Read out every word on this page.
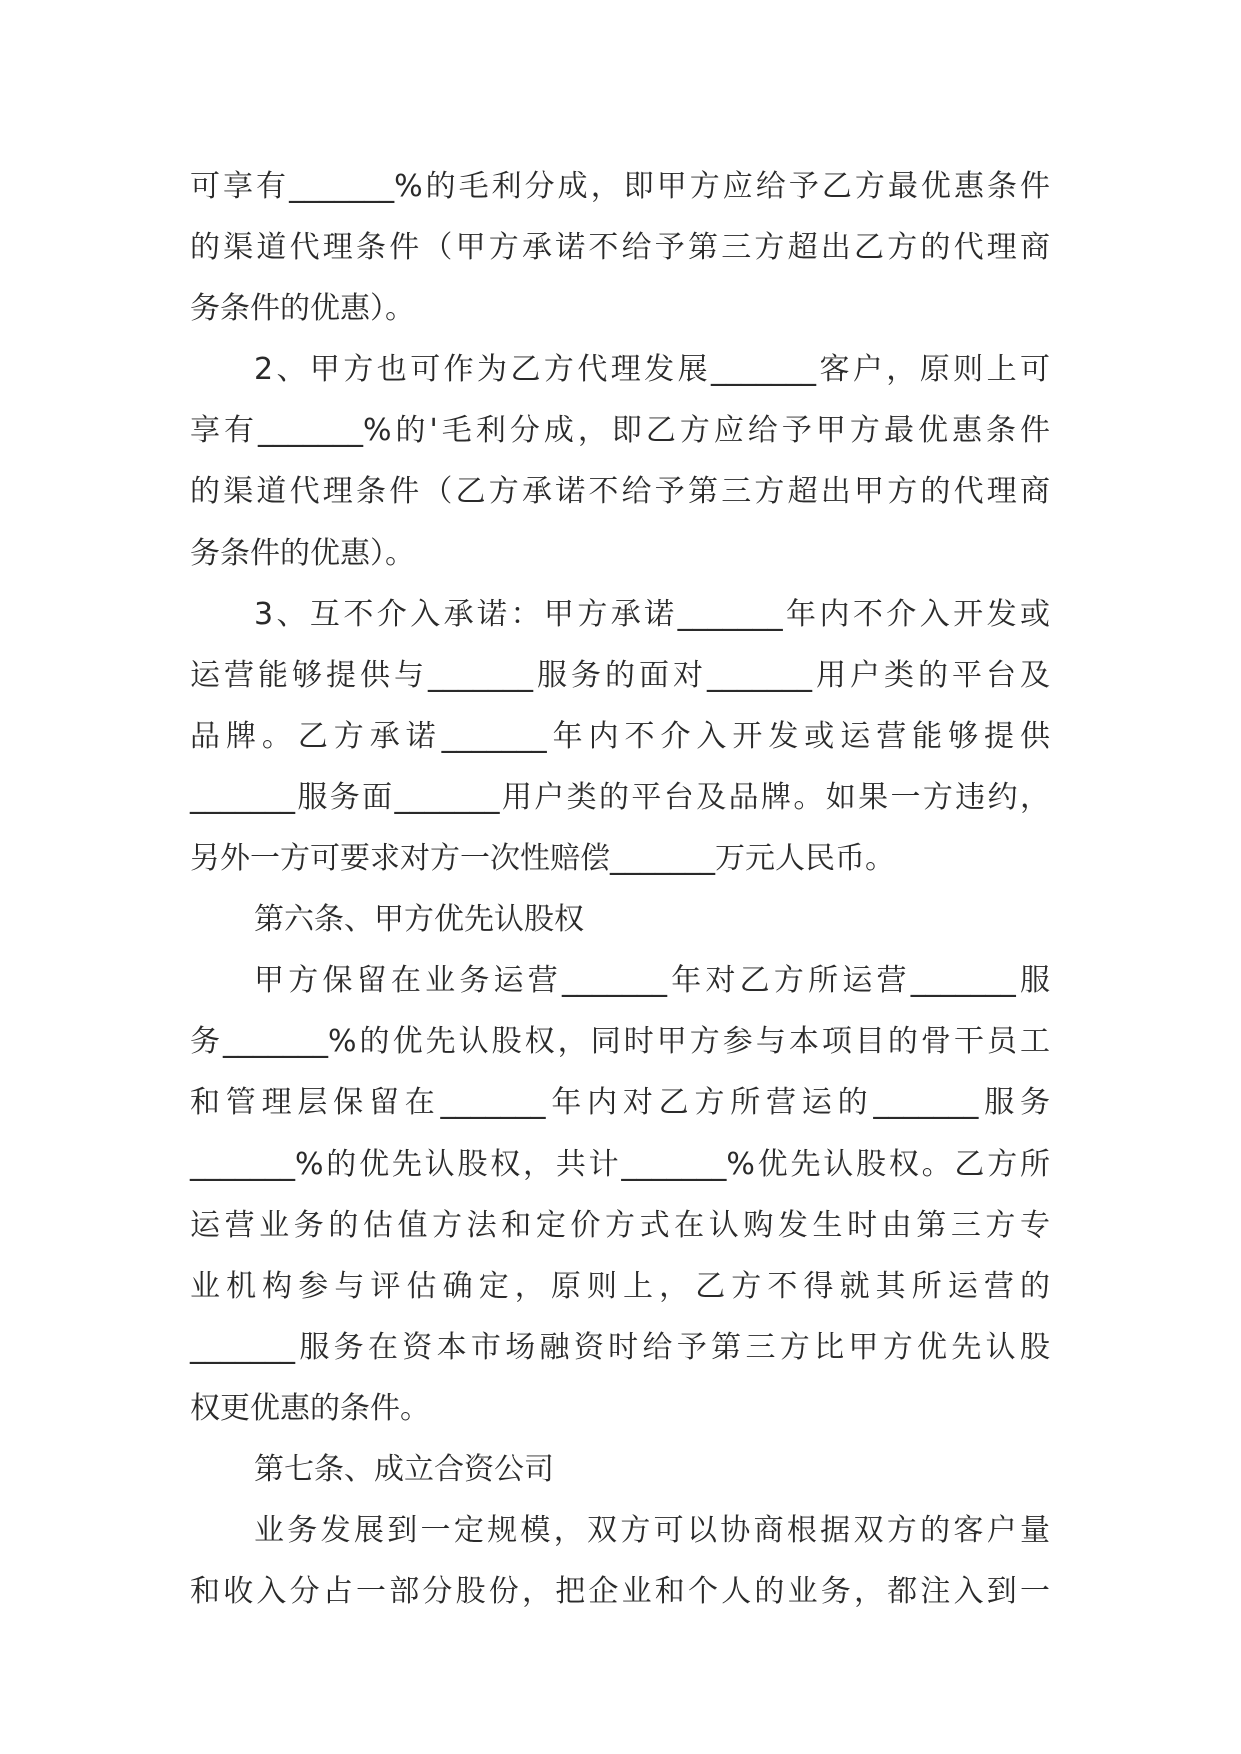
可享有_______%的毛利分成，即甲方应给予乙方最优惠条件
的渠道代理条件（甲方承诺不给予第三方超出乙方的代理商
务条件的优惠）。
2、甲方也可作为乙方代理发展_______客户，原则上可
享有_______%的'毛利分成，即乙方应给予甲方最优惠条件
的渠道代理条件（乙方承诺不给予第三方超出甲方的代理商
务条件的优惠）。
3、互不介入承诺：甲方承诺_______年内不介入开发或
运营能够提供与_______服务的面对_______用户类的平台及
品牌。乙方承诺_______年内不介入开发或运营能够提供
_______服务面_______用户类的平台及品牌。如果一方违约，
另外一方可要求对方一次性赔偿_______万元人民币。
第六条、甲方优先认股权
甲方保留在业务运营_______年对乙方所运营_______服
务_______%的优先认股权，同时甲方参与本项目的骨干员工
和管理层保留在_______年内对乙方所营运的_______服务
_______%的优先认股权，共计_______%优先认股权。乙方所
运营业务的估值方法和定价方式在认购发生时由第三方专
业机构参与评估确定，原则上，乙方不得就其所运营的
_______服务在资本市场融资时给予第三方比甲方优先认股
权更优惠的条件。
第七条、成立合资公司
业务发展到一定规模，双方可以协商根据双方的客户量
和收入分占一部分股份，把企业和个人的业务，都注入到一
